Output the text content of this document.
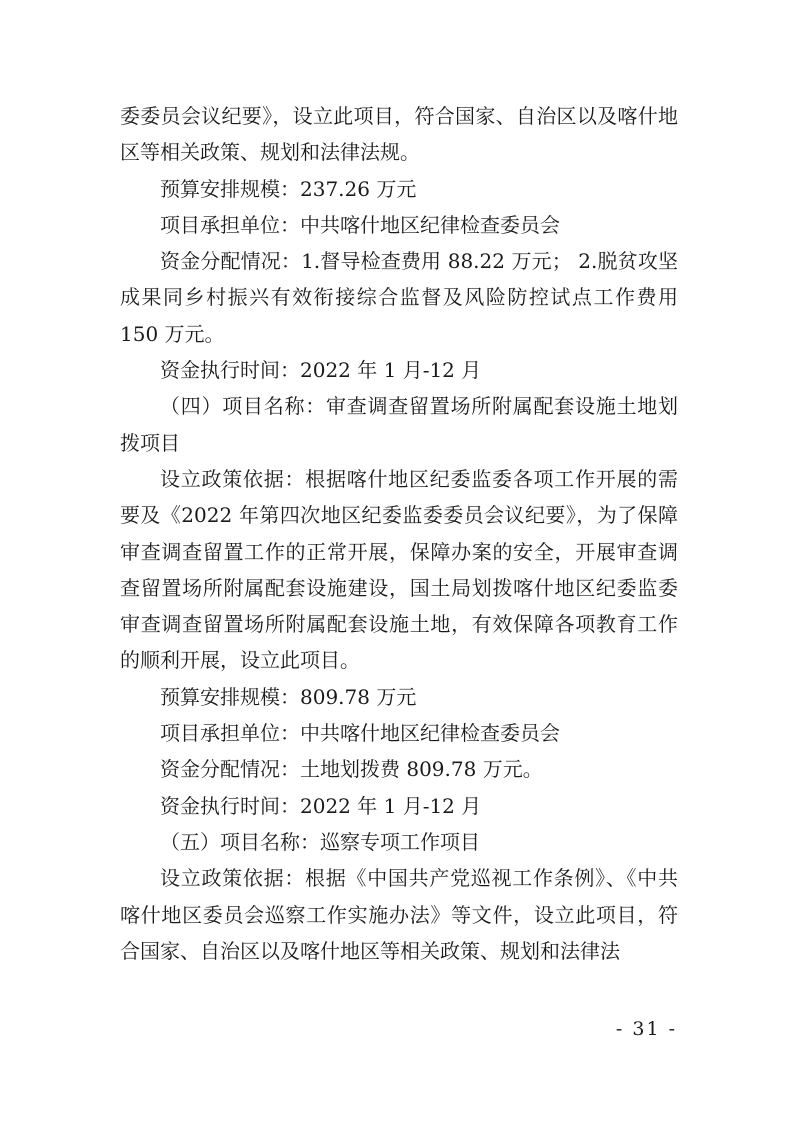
委委员会议纪要》，设立此项目，符合国家、自治区以及喀什地区等相关政策、规划和法律法规。

预算安排规模：237.26 万元

项目承担单位：中共喀什地区纪律检查委员会

资金分配情况：1.督导检查费用 88.22 万元； 2.脱贫攻坚成果同乡村振兴有效衔接综合监督及风险防控试点工作费用 150 万元。

资金执行时间：2022 年 1 月-12 月

（四）项目名称：审查调查留置场所附属配套设施土地划拨项目

设立政策依据：根据喀什地区纪委监委各项工作开展的需要及《2022 年第四次地区纪委监委委员会议纪要》，为了保障审查调查留置工作的正常开展，保障办案的安全，开展审查调查留置场所附属配套设施建设，国土局划拨喀什地区纪委监委审查调查留置场所附属配套设施土地，有效保障各项教育工作的顺利开展，设立此项目。

预算安排规模：809.78 万元

项目承担单位：中共喀什地区纪律检查委员会

资金分配情况：土地划拨费 809.78 万元。

资金执行时间：2022 年 1 月-12 月

（五）项目名称：巡察专项工作项目

设立政策依据：根据《中国共产党巡视工作条例》、《中共喀什地区委员会巡察工作实施办法》等文件，设立此项目，符合国家、自治区以及喀什地区等相关政策、规划和法律法

- 31 -
